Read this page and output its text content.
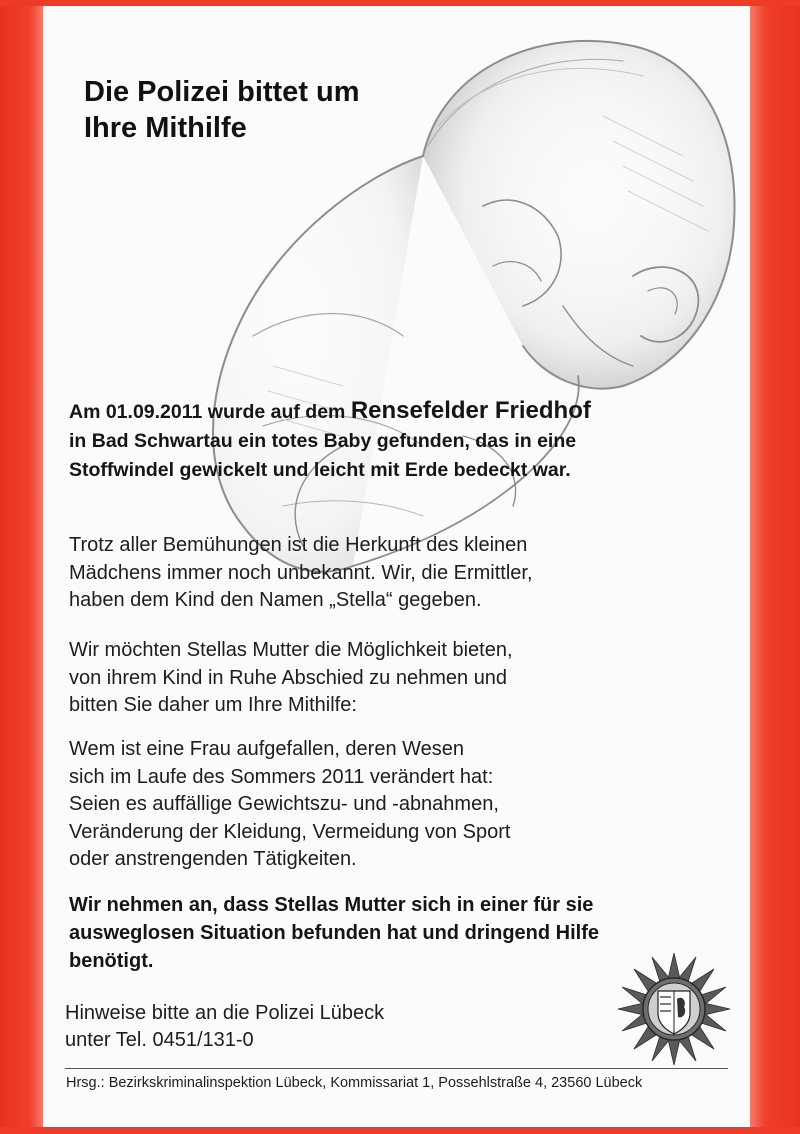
Die Polizei bittet um
Ihre Mithilfe
Am 01.09.2011 wurde auf dem Rensefelder Friedhof
in Bad Schwartau ein totes Baby gefunden, das in eine
Stoffwindel gewickelt und leicht mit Erde bedeckt war.
Trotz aller Bemühungen ist die Herkunft des kleinen
Mädchens immer noch unbekannt. Wir, die Ermittler,
haben dem Kind den Namen „Stella“ gegeben.
Wir möchten Stellas Mutter die Möglichkeit bieten,
von ihrem Kind in Ruhe Abschied zu nehmen und
bitten Sie daher um Ihre Mithilfe:
Wem ist eine Frau aufgefallen, deren Wesen
sich im Laufe des Sommers 2011 verändert hat:
Seien es auffällige Gewichtszu- und -abnahmen,
Veränderung der Kleidung, Vermeidung von Sport
oder anstrengenden Tätigkeiten.
Wir nehmen an, dass Stellas Mutter sich in einer für sie
ausweglosen Situation befunden hat und dringend Hilfe
benötigt.
Hinweise bitte an die Polizei Lübeck
unter Tel. 0451/131-0
Hrsg.: Bezirkskriminalinspektion Lübeck, Kommissariat 1, Possehlstraße 4, 23560 Lübeck
